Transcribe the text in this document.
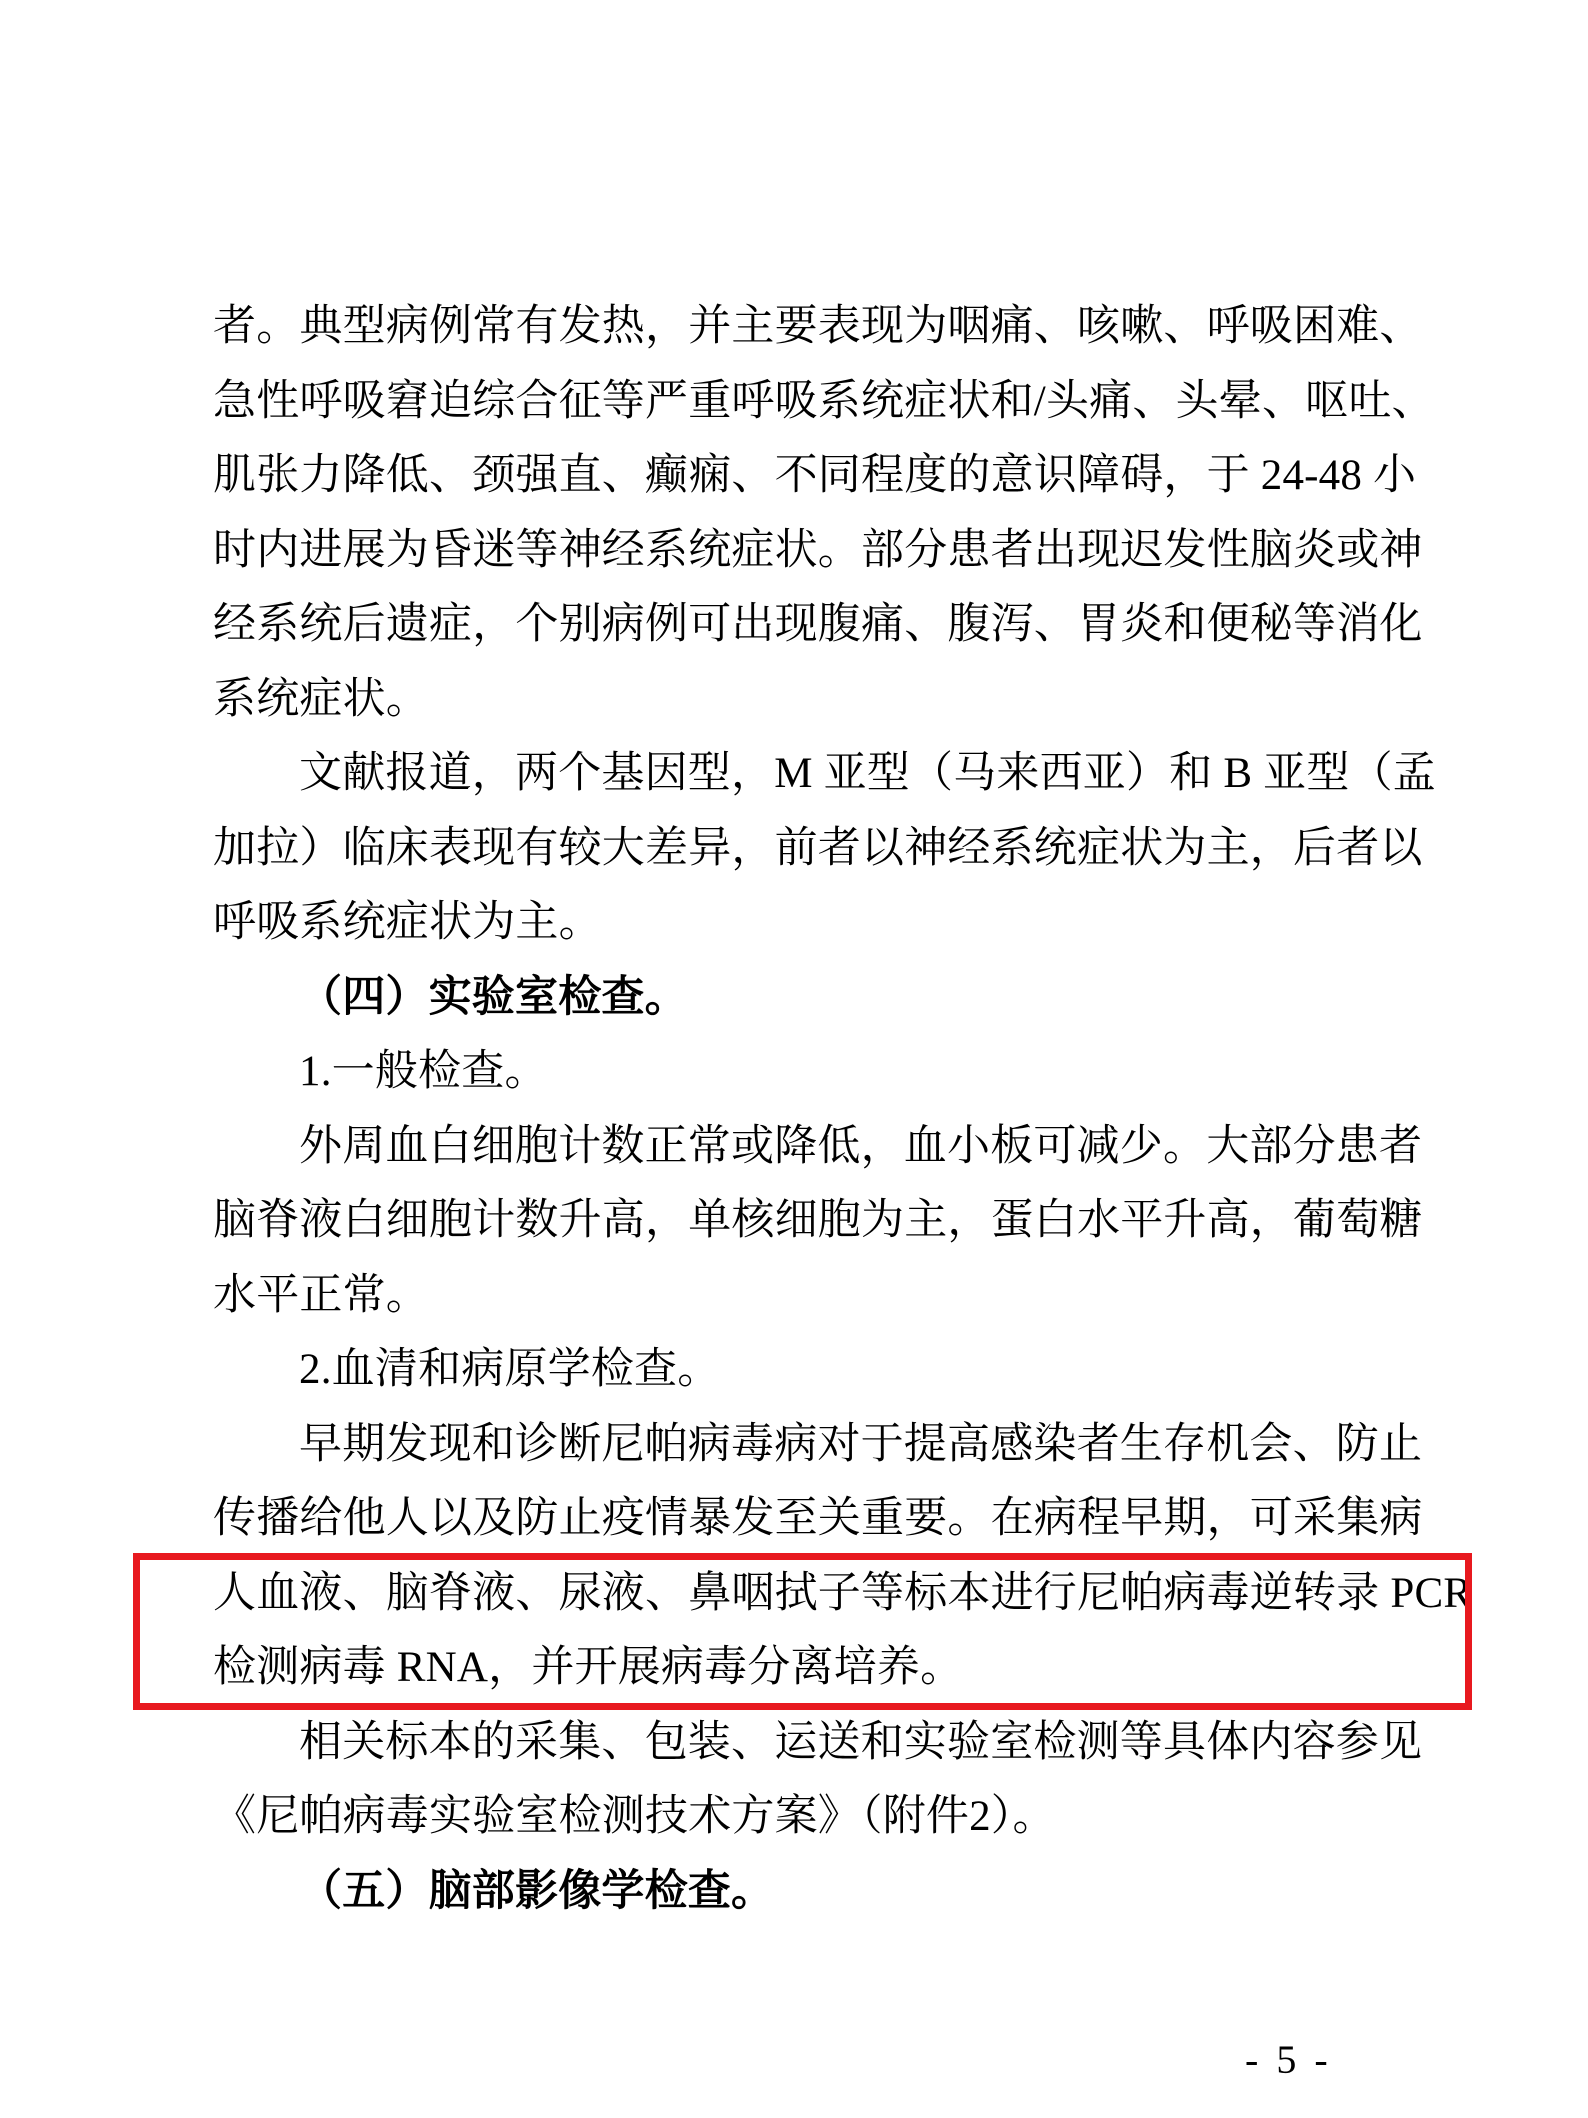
者。典型病例常有发热，并主要表现为咽痛、咳嗽、呼吸困难、
急性呼吸窘迫综合征等严重呼吸系统症状和/头痛、头晕、呕吐、
肌张力降低、颈强直、癫痫、不同程度的意识障碍，于 24-48 小
时内进展为昏迷等神经系统症状。部分患者出现迟发性脑炎或神
经系统后遗症，个别病例可出现腹痛、腹泻、胃炎和便秘等消化
系统症状。
文献报道，两个基因型，M 亚型（马来西亚）和 B 亚型（孟
加拉）临床表现有较大差异，前者以神经系统症状为主，后者以
呼吸系统症状为主。
（四）实验室检查。
1.一般检查。
外周血白细胞计数正常或降低，血小板可减少。大部分患者
脑脊液白细胞计数升高，单核细胞为主，蛋白水平升高，葡萄糖
水平正常。
2.血清和病原学检查。
早期发现和诊断尼帕病毒病对于提高感染者生存机会、防止
传播给他人以及防止疫情暴发至关重要。在病程早期，可采集病
人血液、脑脊液、尿液、鼻咽拭子等标本进行尼帕病毒逆转录 PCR
检测病毒 RNA，并开展病毒分离培养。
相关标本的采集、包装、运送和实验室检测等具体内容参见
《尼帕病毒实验室检测技术方案》（附件2）。
（五）脑部影像学检查。
- 5 -
